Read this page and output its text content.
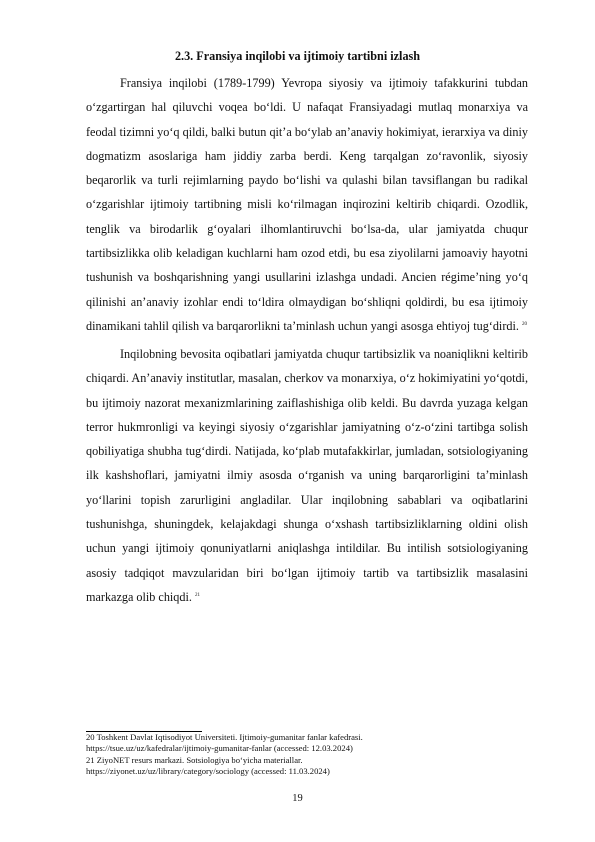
2.3. Fransiya inqilobi va ijtimoiy tartibni izlash

Fransiya inqilobi (1789-1799) Yevropa siyosiy va ijtimoiy tafakkurini tubdan o‘zgartirgan hal qiluvchi voqea bo‘ldi. U nafaqat Fransiyadagi mutlaq monarxiya va feodal tizimni yo‘q qildi, balki butun qit’a bo‘ylab an’anaviy hokimiyat, ierarxiya va diniy dogmatizm asoslariga ham jiddiy zarba berdi. Keng tarqalgan zo‘ravonlik, siyosiy beqarorlik va turli rejimlarning paydo bo‘lishi va qulashi bilan tavsiflangan bu radikal o‘zgarishlar ijtimoiy tartibning misli ko‘rilmagan inqirozini keltirib chiqardi. Ozodlik, tenglik va birodarlik g‘oyalari ilhomlantiruvchi bo‘lsa-da, ular jamiyatda chuqur tartibsizlikka olib keladigan kuchlarni ham ozod etdi, bu esa ziyolilarni jamoaviy hayotni tushunish va boshqarishning yangi usullarini izlashga undadi. Ancien régime’ning yo‘q qilinishi an’anaviy izohlar endi to‘ldira olmaydigan bo‘shliqni qoldirdi, bu esa ijtimoiy dinamikani tahlil qilish va barqarorlikni ta’minlash uchun yangi asosga ehtiyoj tug‘dirdi. $^{20}$

Inqilobning bevosita oqibatlari jamiyatda chuqur tartibsizlik va noaniqlikni keltirib chiqardi. An’anaviy institutlar, masalan, cherkov va monarxiya, o‘z hokimiyatini yo‘qotdi, bu ijtimoiy nazorat mexanizmlarining zaiflashishiga olib keldi. Bu davrda yuzaga kelgan terror hukmronligi va keyingi siyosiy o‘zgarishlar jamiyatning o‘z-o‘zini tartibga solish qobiliyatiga shubha tug‘dirdi. Natijada, ko‘plab mutafakkirlar, jumladan, sotsiologiyaning ilk kashshoflari, jamiyatni ilmiy asosda o‘rganish va uning barqarorligini ta’minlash yo‘llarini topish zarurligini angladilar. Ular inqilobning sabablari va oqibatlarini tushunishga, shuningdek, kelajakdagi shunga o‘xshash tartibsizliklarning oldini olish uchun yangi ijtimoiy qonuniyatlarni aniqlashga intildilar. Bu intilish sotsiologiyaning asosiy tadqiqot mavzularidan biri bo‘lgan ijtimoiy tartib va tartibsizlik masalasini markazga olib chiqdi. $^{21}$

20 Toshkent Davlat Iqtisodiyot Universiteti. Ijtimoiy-gumanitar fanlar kafedrasi.
https://tsue.uz/uz/kafedralar/ijtimoiy-gumanitar-fanlar (accessed: 12.03.2024)
21 ZiyoNET resurs markazi. Sotsiologiya bo‘yicha materiallar.
https://ziyonet.uz/uz/library/category/sociology (accessed: 11.03.2024)
19
